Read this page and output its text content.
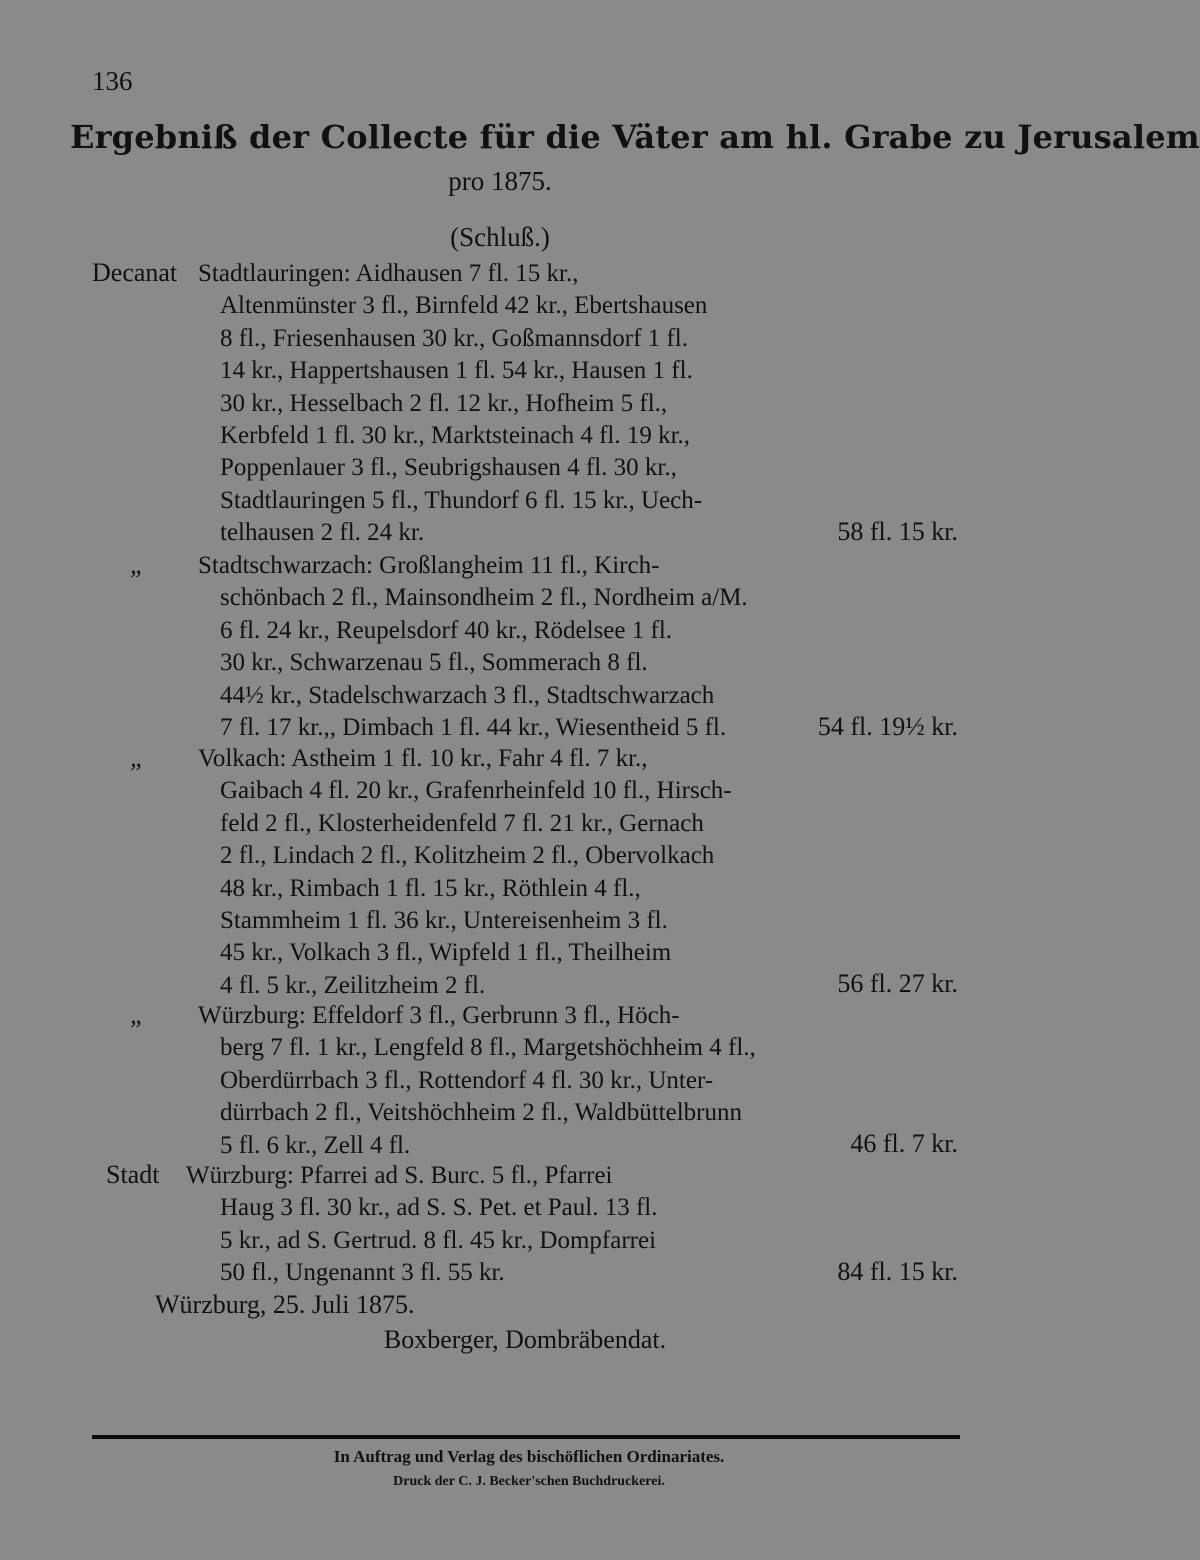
136
Ergebniß der Collecte für die Väter am hl. Grabe zu Jerusalem
pro 1875.
(Schluß.)
Decanat Stadtlauringen: Aidhausen 7 fl. 15 kr.,
Altenmünster 3 fl., Birnfeld 42 kr., Ebertshausen
8 fl., Friesenhausen 30 kr., Goßmannsdorf 1 fl.
14 kr., Happertshausen 1 fl. 54 kr., Hausen 1 fl.
30 kr., Hesselbach 2 fl. 12 kr., Hofheim 5 fl.,
Kerbfeld 1 fl. 30 kr., Marktsteinach 4 fl. 19 kr.,
Poppenlauer 3 fl., Seubrigshausen 4 fl. 30 kr.,
Stadtlauringen 5 fl., Thundorf 6 fl. 15 kr., Uech-
telhausen 2 fl. 24 kr.	58 fl. 15 kr.
„ Stadtschwarzach: Großlangheim 11 fl., Kirch-
schönbach 2 fl., Mainsondheim 2 fl., Nordheim a/M.
6 fl. 24 kr., Reupelsdorf 40 kr., Rödelsee 1 fl.
30 kr., Schwarzenau 5 fl., Sommerach 8 fl.
44½ kr., Stadelschwarzach 3 fl., Stadtschwarzach
7 fl. 17 kr.,, Dimbach 1 fl. 44 kr., Wiesentheid 5 fl.	54 fl. 19½ kr.
„ Volkach: Astheim 1 fl. 10 kr., Fahr 4 fl. 7 kr.,
Gaibach 4 fl. 20 kr., Grafenrheinfeld 10 fl., Hirsch-
feld 2 fl., Klosterheidenfeld 7 fl. 21 kr., Gernach
2 fl., Lindach 2 fl., Kolitzheim 2 fl., Obervolkach
48 kr., Rimbach 1 fl. 15 kr., Röthlein 4 fl.,
Stammheim 1 fl. 36 kr., Untereisenheim 3 fl.
45 kr., Volkach 3 fl., Wipfeld 1 fl., Theilheim
4 fl. 5 kr., Zeilitzheim 2 fl.	56 fl. 27 kr.
„ Würzburg: Effeldorf 3 fl., Gerbrunn 3 fl., Höch-
berg 7 fl. 1 kr., Lengfeld 8 fl., Margetshöchheim 4 fl.,
Oberdürrbach 3 fl., Rottendorf 4 fl. 30 kr., Unter-
dürrbach 2 fl., Veitshöchheim 2 fl., Waldbüttelbrunn
5 fl. 6 kr., Zell 4 fl.	46 fl. 7 kr.
Stadt Würzburg: Pfarrei ad S. Burc. 5 fl., Pfarrei
Haug 3 fl. 30 kr., ad S. S. Pet. et Paul. 13 fl.
5 kr., ad S. Gertrud. 8 fl. 45 kr., Dompfarrei
50 fl., Ungenannt 3 fl. 55 kr.	84 fl. 15 kr.
Würzburg, 25. Juli 1875.
Boxberger, Dombräbendat.
In Auftrag und Verlag des bischöflichen Ordinariates.
Druck der C. J. Becker'schen Buchdruckerei.
